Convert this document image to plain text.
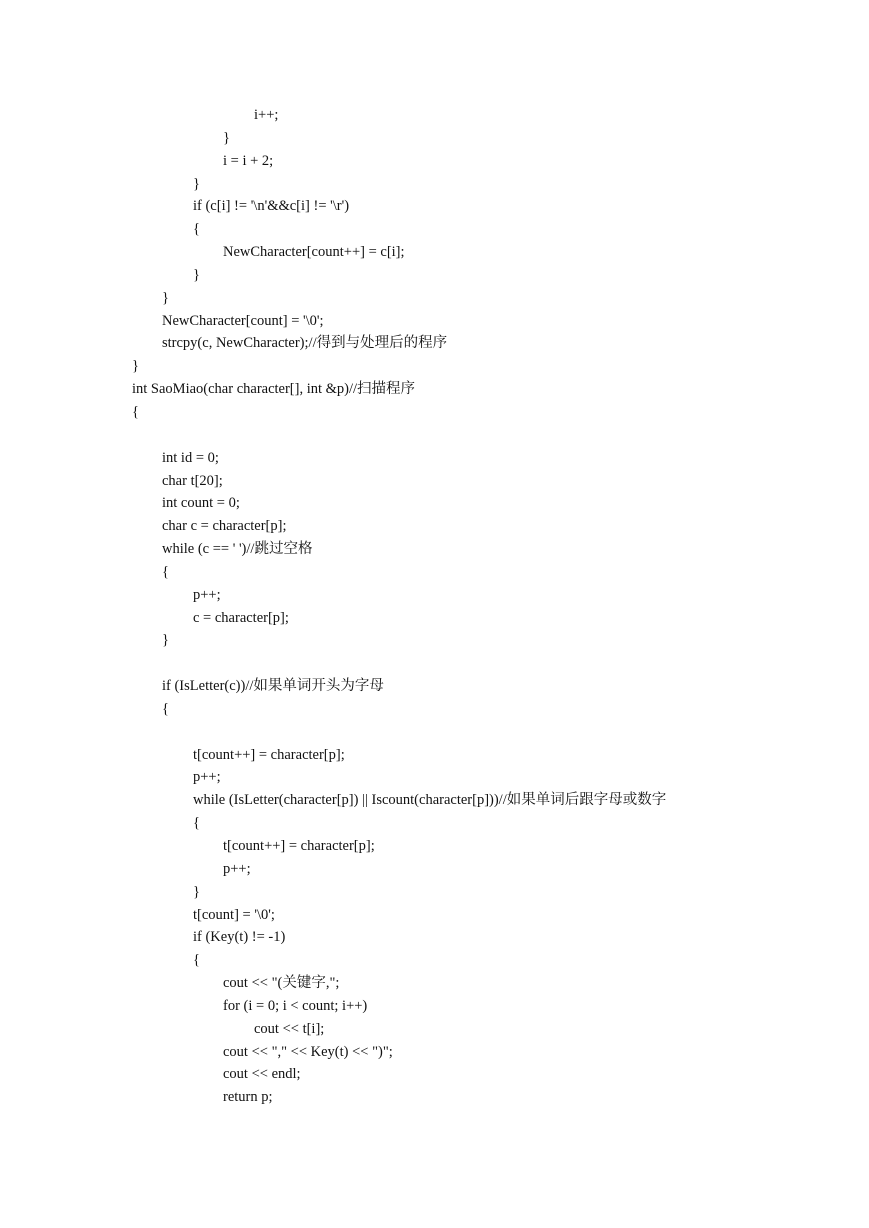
i++;
}
i = i + 2;
}
if (c[i] != '\n'&&c[i] != '\r')
{
NewCharacter[count++] = c[i];
}
}
NewCharacter[count] = '\0';
strcpy(c, NewCharacter);//得到与处理后的程序
}
int SaoMiao(char character[], int &p)//扫描程序
{
int id = 0;
char t[20];
int count = 0;
char c = character[p];
while (c == ' ')//跳过空格
{
p++;
c = character[p];
}
if (IsLetter(c))//如果单词开头为字母
{
t[count++] = character[p];
p++;
while (IsLetter(character[p]) || Iscount(character[p]))//如果单词后跟字母或数字
{
t[count++] = character[p];
p++;
}
t[count] = '\0';
if (Key(t) != -1)
{
cout << "(关键字,";
for (i = 0; i < count; i++)
cout << t[i];
cout << "," << Key(t) << ")";
cout << endl;
return p;
